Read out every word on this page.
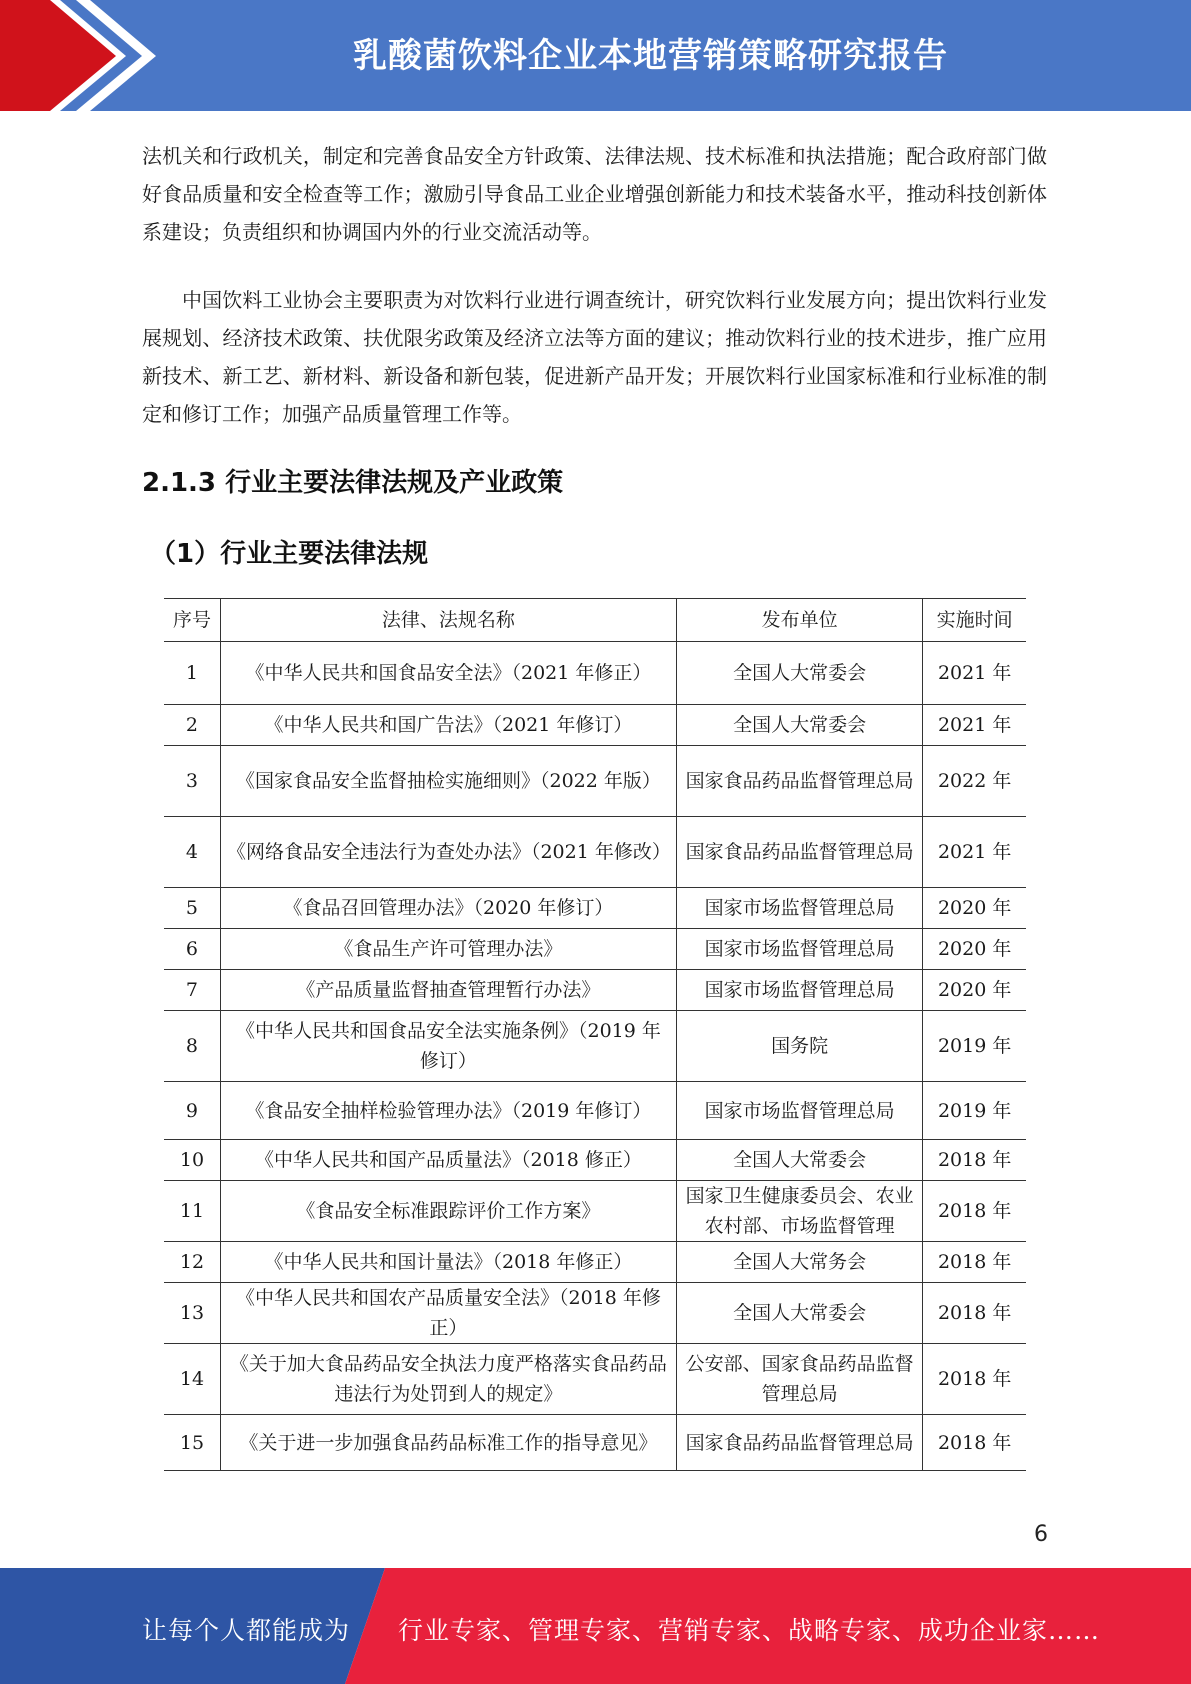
乳酸菌饮料企业本地营销策略研究报告
法机关和行政机关，制定和完善食品安全方针政策、法律法规、技术标准和执法措施；配合政府部门做好食品质量和安全检查等工作；激励引导食品工业企业增强创新能力和技术装备水平，推动科技创新体系建设；负责组织和协调国内外的行业交流活动等。
中国饮料工业协会主要职责为对饮料行业进行调查统计，研究饮料行业发展方向；提出饮料行业发展规划、经济技术政策、扶优限劣政策及经济立法等方面的建议；推动饮料行业的技术进步，推广应用新技术、新工艺、新材料、新设备和新包装，促进新产品开发；开展饮料行业国家标准和行业标准的制定和修订工作；加强产品质量管理工作等。
2.1.3 行业主要法律法规及产业政策
（1）行业主要法律法规
序号	法律、法规名称	发布单位	实施时间
1	《中华人民共和国食品安全法》（2021 年修正）	全国人大常委会	2021 年
2	《中华人民共和国广告法》（2021 年修订）	全国人大常委会	2021 年
3	《国家食品安全监督抽检实施细则》（2022 年版）	国家食品药品监督管理总局	2022 年
4	《网络食品安全违法行为查处办法》（2021 年修改）	国家食品药品监督管理总局	2021 年
5	《食品召回管理办法》（2020 年修订）	国家市场监督管理总局	2020 年
6	《食品生产许可管理办法》	国家市场监督管理总局	2020 年
7	《产品质量监督抽查管理暂行办法》	国家市场监督管理总局	2020 年
8	《中华人民共和国食品安全法实施条例》（2019 年修订）	国务院	2019 年
9	《食品安全抽样检验管理办法》（2019 年修订）	国家市场监督管理总局	2019 年
10	《中华人民共和国产品质量法》（2018 修正）	全国人大常委会	2018 年
11	《食品安全标准跟踪评价工作方案》	国家卫生健康委员会、农业农村部、市场监督管理	2018 年
12	《中华人民共和国计量法》（2018 年修正）	全国人大常务会	2018 年
13	《中华人民共和国农产品质量安全法》（2018 年修正）	全国人大常委会	2018 年
14	《关于加大食品药品安全执法力度严格落实食品药品违法行为处罚到人的规定》	公安部、国家食品药品监督管理总局	2018 年
15	《关于进一步加强食品药品标准工作的指导意见》	国家食品药品监督管理总局	2018 年
6
让每个人都能成为 行业专家、管理专家、营销专家、战略专家、成功企业家……
